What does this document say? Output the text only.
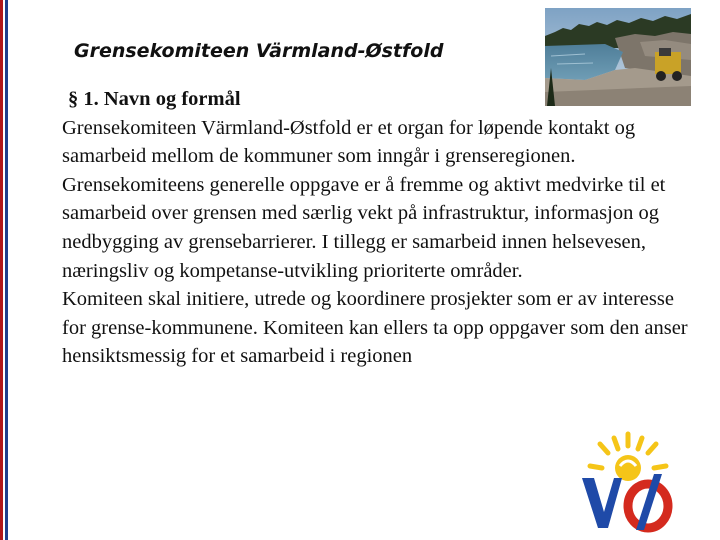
Grensekomiteen Värmland-Østfold

§ 1. Navn og formål

Grensekomiteen Värmland-Østfold er et organ for løpende kontakt og samarbeid mellom de kommuner som inngår i grenseregionen.

Grensekomiteens generelle oppgave er å fremme og aktivt medvirke til et samarbeid over grensen med særlig vekt på infrastruktur, informasjon og nedbygging av grensebarrierer. I tillegg er samarbeid innen helsevesen, næringsliv og kompetanse-utvikling prioriterte områder.

Komiteen skal initiere, utrede og koordinere prosjekter som er av interesse for grense-kommunene. Komiteen kan ellers ta opp oppgaver som den anser hensiktsmessig for et samarbeid i regionen
